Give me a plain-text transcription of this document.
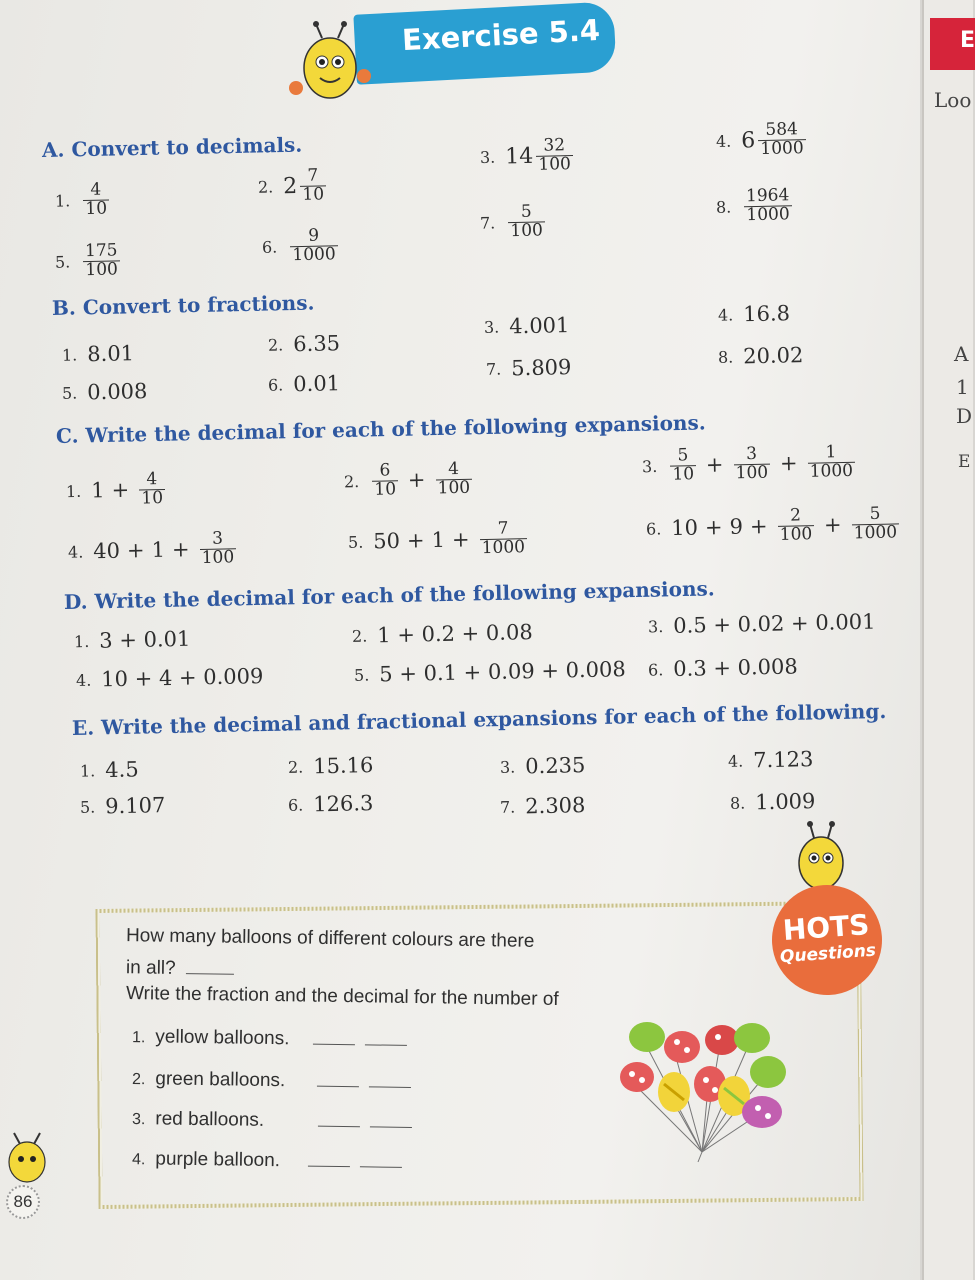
E
Loo
A
1
D
E
Exercise 5.4
A. Convert to decimals.
1. $\frac{4}{10}$	2. $2 \frac{7}{10}$
3. $14 \frac{32}{100}$	4. $6 \frac{584}{1000}$
5. $\frac{175}{100}$	6. $\frac{9}{1000}$
7. $\frac{5}{100}$	8. $\frac{1964}{1000}$
B. Convert to fractions.
1. 8.01	2. 6.35
3. 4.001	4. 16.8
5. 0.008	6. 0.01
7. 5.809	8. 20.02
C. Write the decimal for each of the following expansions.
1. $1 + \frac{4}{10}$	2. $\frac{6}{10} + \frac{4}{100}$	3. $\frac{5}{10} + \frac{3}{100} + \frac{1}{1000}$
4. $40 + 1 + \frac{3}{100}$	5. $50 + 1 + \frac{7}{1000}$	6. $10 + 9 + \frac{2}{100} + \frac{5}{1000}$
D. Write the decimal for each of the following expansions.
1. 3 + 0.01	2. 1 + 0.2 + 0.08	3. 0.5 + 0.02 + 0.001
4. 10 + 4 + 0.009	5. 5 + 0.1 + 0.09 + 0.008 6. 0.3 + 0.008
E. Write the decimal and fractional expansions for each of the following.
1. 4.5	2. 15.16	3. 0.235	4. 7.123
5. 9.107	6. 126.3	7. 2.308	8. 1.009
HOTS
Questions
How many balloons of different colours are there
in all?
Write the fraction and the decimal for the number of
1. yellow balloons.
2. green balloons.
3. red balloons.
4. purple balloon.
86
